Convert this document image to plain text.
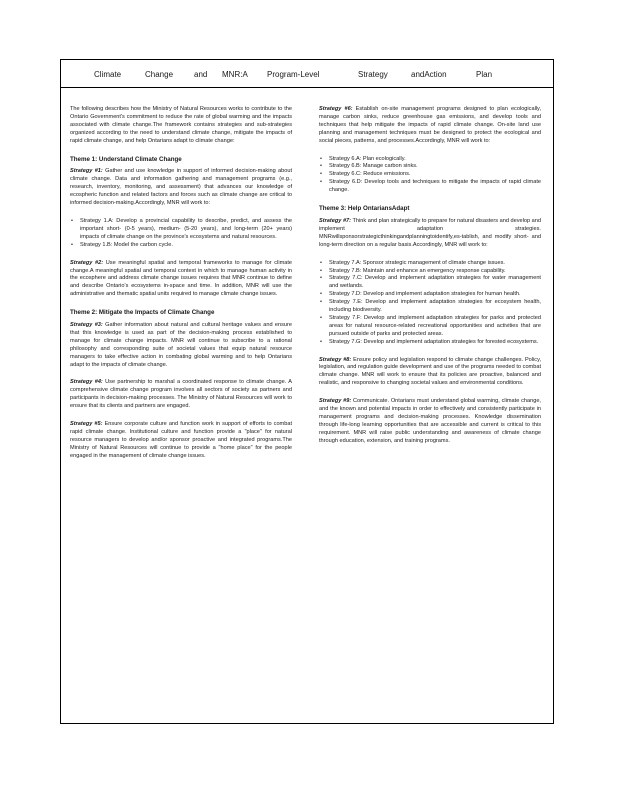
Climate	Change	and MNR:A Program-Level	Strategy	andAction	Plan

The following describes how the Ministry of Natural Resources works to contribute to the Ontario Government's commitment to reduce the rate of global warming and the impacts associated with climate change.The framework contains strategies and sub-strategies organized according to the need to understand climate change, mitigate the impacts of rapid climate change, and help Ontarians adapt to climate change:

Theme 1: Understand Climate Change

Strategy #1: Gather and use knowledge in support of informed decision-making about climate change. Data and information gathering and management programs (e.g., research, inventory, monitoring, and assessment) that advances our knowledge of ecospheric function and related factors and forces such as climate change are critical to informed decision-making.Accordingly, MNR will work to:

• Strategy 1.A: Develop a provincial capability to describe, predict, and assess the important short- (0-5 years), medium- (5-20 years), and long-term (20+ years) impacts of climate change on the province's ecosystems and natural resources.
• Strategy 1.B: Model the carbon cycle.

Strategy #2: Use meaningful spatial and temporal frameworks to manage for climate change.A meaningful spatial and temporal context in which to manage human activity in the ecosphere and address climate change issues requires that MNR continue to define and describe Ontario's ecosystems in-space and time. In addition, MNR will use the administrative and thematic spatial units required to manage climate change issues.

Theme 2: Mitigate the Impacts of Climate Change

Strategy #3: Gather information about natural and cultural heritage values and ensure that this knowledge is used as part of the decision-making process established to manage for climate change impacts. MNR will continue to subscribe to a rational philosophy and corresponding suite of societal values that equip natural resource managers to take effective action in combating global warming and to help Ontarians adapt to the impacts of climate change.

Strategy #4: Use partnership to marshal a coordinated response to climate change. A comprehensive climate change program involves all sectors of society as partners and participants in decision-making processes. The Ministry of Natural Resources will work to ensure that its clients and partners are engaged.

Strategy #5: Ensure corporate culture and function work in support of efforts to combat rapid climate change. Institutional culture and function provide a "place" for natural resource managers to develop and/or sponsor proactive and integrated programs.The Ministry of Natural Resources will continue to provide a "home place" for the people engaged in the management of climate change issues.

Strategy #6: Establish on-site management programs designed to plan ecologically, manage carbon sinks, reduce greenhouse gas emissions, and develop tools and techniques that help mitigate the impacts of rapid climate change. On-site land use planning and management techniques must be designed to protect the ecological and social pieces, patterns, and processes.Accordingly, MNR will work to:

• Strategy 6.A: Plan ecologically.
• Strategy 6.B: Manage carbon sinks.
• Strategy 6.C: Reduce emissions.
• Strategy 6.D: Develop tools and techniques to mitigate the impacts of rapid climate change.
Theme 3: Help OntariansAdapt

Strategy #7: Think and plan strategically to prepare for natural disasters and develop and implement adaptation strategies. MNRwillsponsorstrategicthinkingandplanningtoidentify,es-tablish, and modify short- and long-term direction on a regular basis.Accordingly, MNR will work to:

• Strategy 7.A: Sponsor strategic management of climate change issues.
• Strategy 7.B: Maintain and enhance an emergency response capability.
• Strategy 7.C: Develop and implement adaptation strategies for water management and wetlands.
• Strategy 7.D: Develop and implement adaptation strategies for human health.
• Strategy 7.E: Develop and implement adaptation strategies for ecosystem health, including biodiversity.
• Strategy 7.F: Develop and implement adaptation strategies for parks and protected areas for natural resource-related recreational opportunities and activities that are pursued outside of parks and protected areas.
• Strategy 7.G: Develop and implement adaptation strategies for forested ecosystems.

Strategy #8: Ensure policy and legislation respond to climate change challenges. Policy, legislation, and regulation guide development and use of the programs needed to combat climate change. MNR will work to ensure that its policies are proactive, balanced and realistic, and responsive to changing societal values and environmental conditions.

Strategy #9: Communicate. Ontarians must understand global warming, climate change, and the known and potential impacts in order to effectively and consistently participate in management programs and decision-making processes. Knowledge dissemination through life-long learning opportunities that are accessible and current is critical to this requirement. MNR will raise public understanding and awareness of climate change through education, extension, and training programs.
